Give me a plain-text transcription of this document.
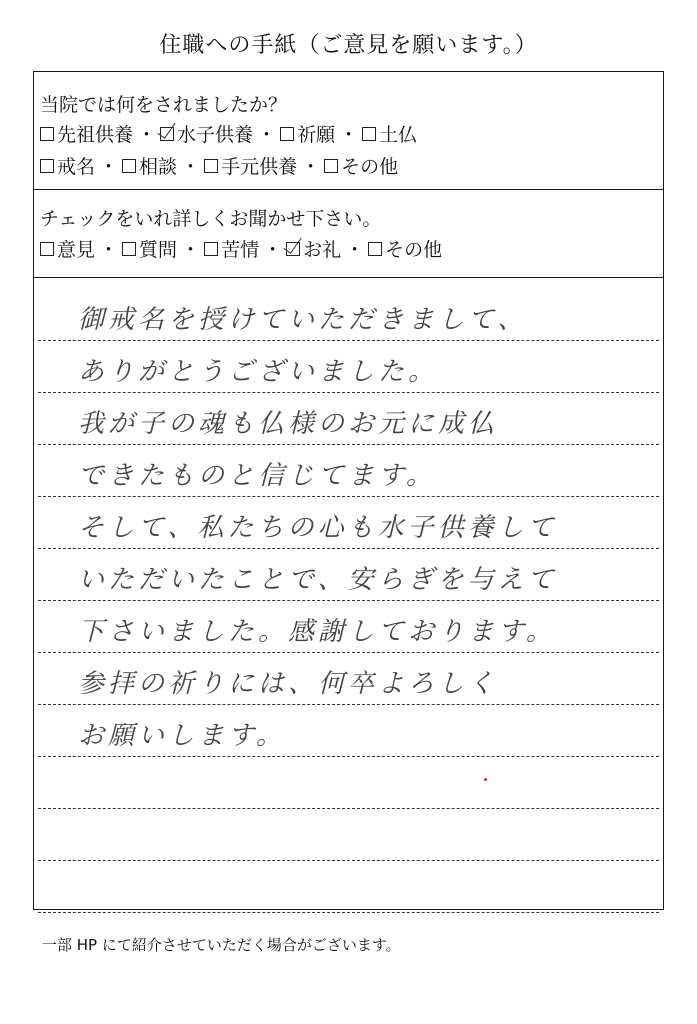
住職への手紙（ご意見を願います。）
当院では何をされましたか？
先祖供養 ・ 水子供養 ・ 祈願 ・ 土仏
戒名 ・ 相談 ・ 手元供養 ・ その他
チェックをいれ詳しくお聞かせ下さい。
意見 ・ 質問 ・ 苦情 ・ お礼 ・ その他
御戒名を授けていただきまして、
ありがとうございました。
我が子の魂も仏様のお元に成仏
できたものと信じてます。
そして、私たちの心も水子供養して
いただいたことで、安らぎを与えて
下さいました。感謝しております。
参拝の祈りには、何卒よろしく
お願いします。
一部 HP にて紹介させていただく場合がございます。
